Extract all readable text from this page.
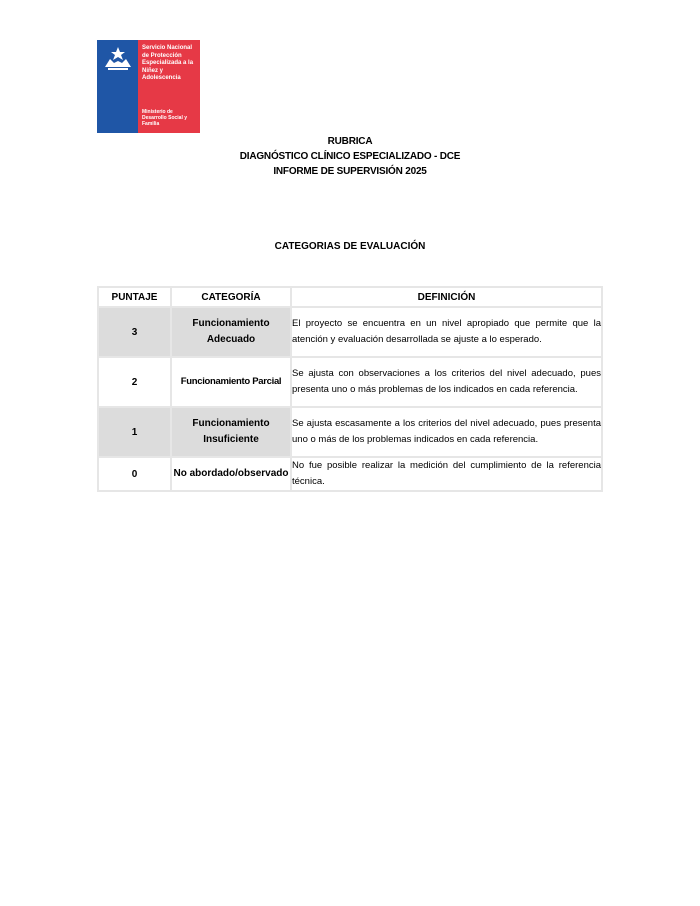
Servicio Nacional de Protección Especializada a la Niñez y Adolescencia
Ministerio de Desarrollo Social y Familia
RUBRICA
DIAGNÓSTICO CLÍNICO ESPECIALIZADO - DCE
INFORME DE SUPERVISIÓN 2025
CATEGORIAS DE EVALUACIÓN
PUNTAJE	CATEGORÍA	DEFINICIÓN
3	Funcionamiento Adecuado	El proyecto se encuentra en un nivel apropiado que permite que la atención y evaluación desarrollada se ajuste a lo esperado.
2	Funcionamiento Parcial	Se ajusta con observaciones a los criterios del nivel adecuado, pues presenta uno o más problemas de los indicados en cada referencia.
1	Funcionamiento Insuficiente	Se ajusta escasamente a los criterios del nivel adecuado, pues presenta uno o más de los problemas indicados en cada referencia.
0	No abordado/observado	No fue posible realizar la medición del cumplimiento de la referencia técnica.
